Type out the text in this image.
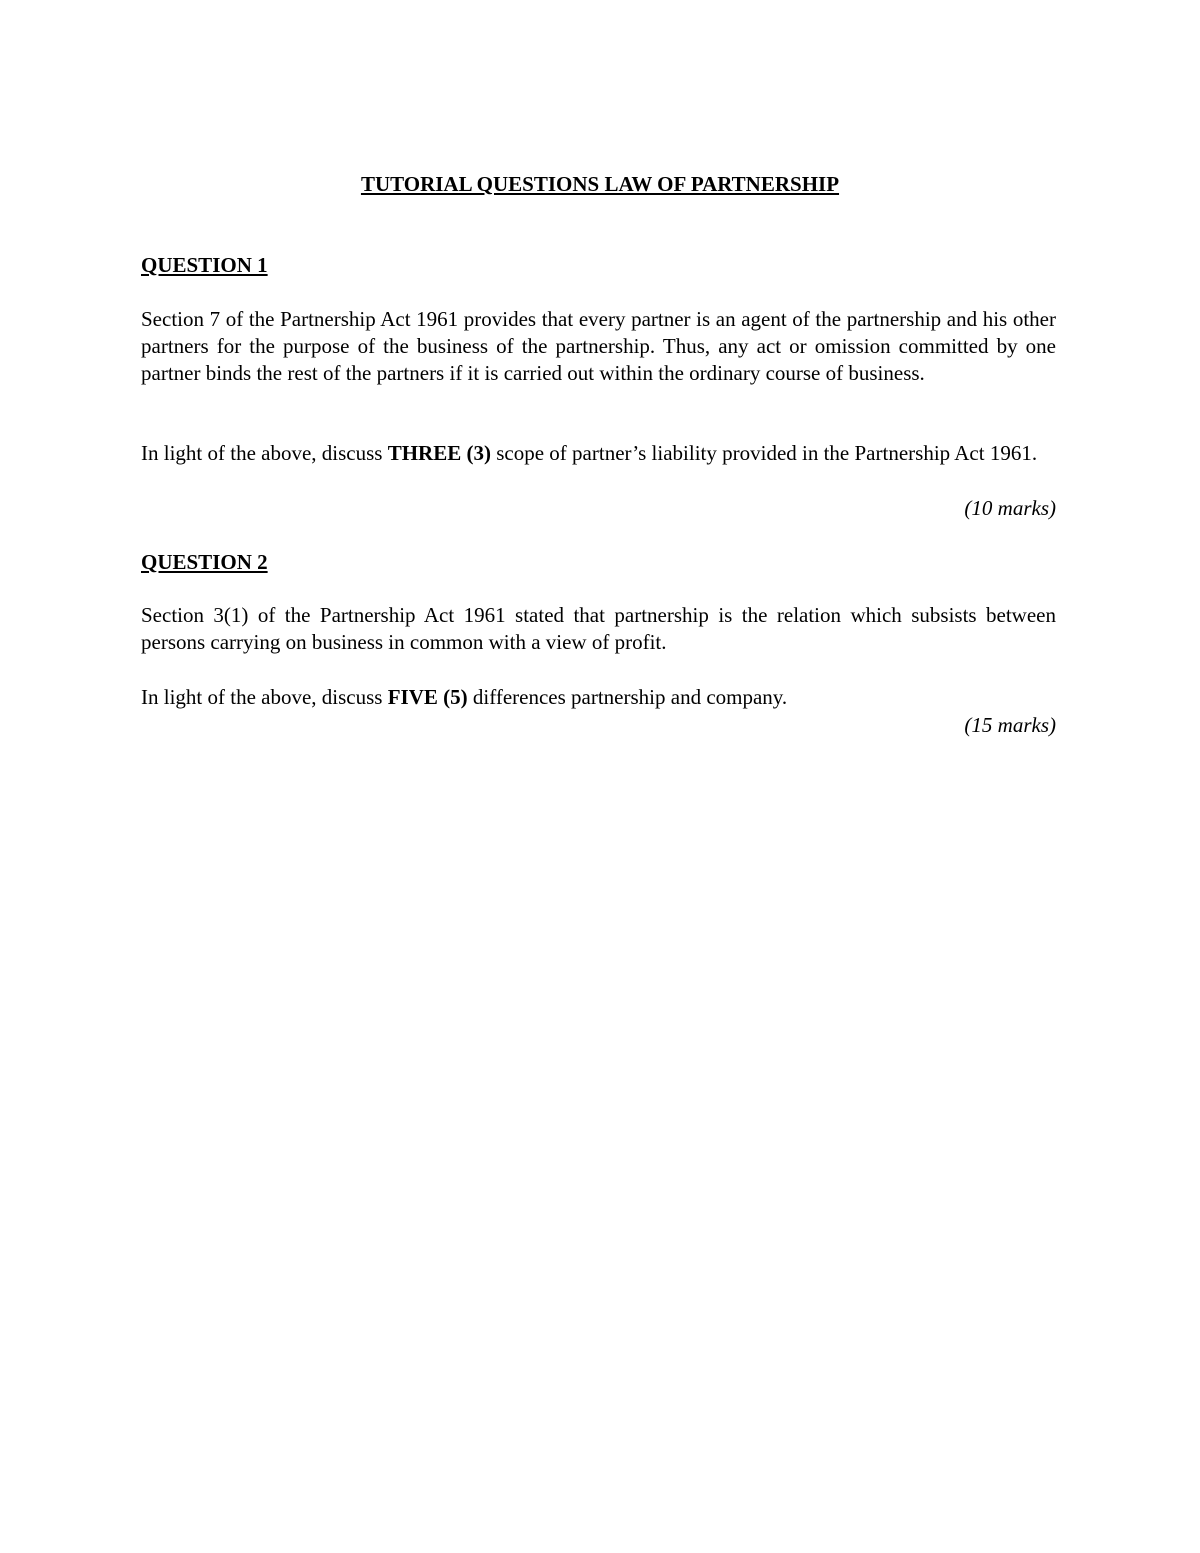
TUTORIAL QUESTIONS LAW OF PARTNERSHIP
QUESTION 1

Section 7 of the Partnership Act 1961 provides that every partner is an agent of the partnership and his other partners for the purpose of the business of the partnership. Thus, any act or omission committed by one partner binds the rest of the partners if it is carried out within the ordinary course of business.

In light of the above, discuss THREE (3) scope of partner’s liability provided in the Partnership Act 1961.

(10 marks)
QUESTION 2

Section 3(1) of the Partnership Act 1961 stated that partnership is the relation which subsists between persons carrying on business in common with a view of profit.

In light of the above, discuss FIVE (5) differences partnership and company.

(15 marks)
